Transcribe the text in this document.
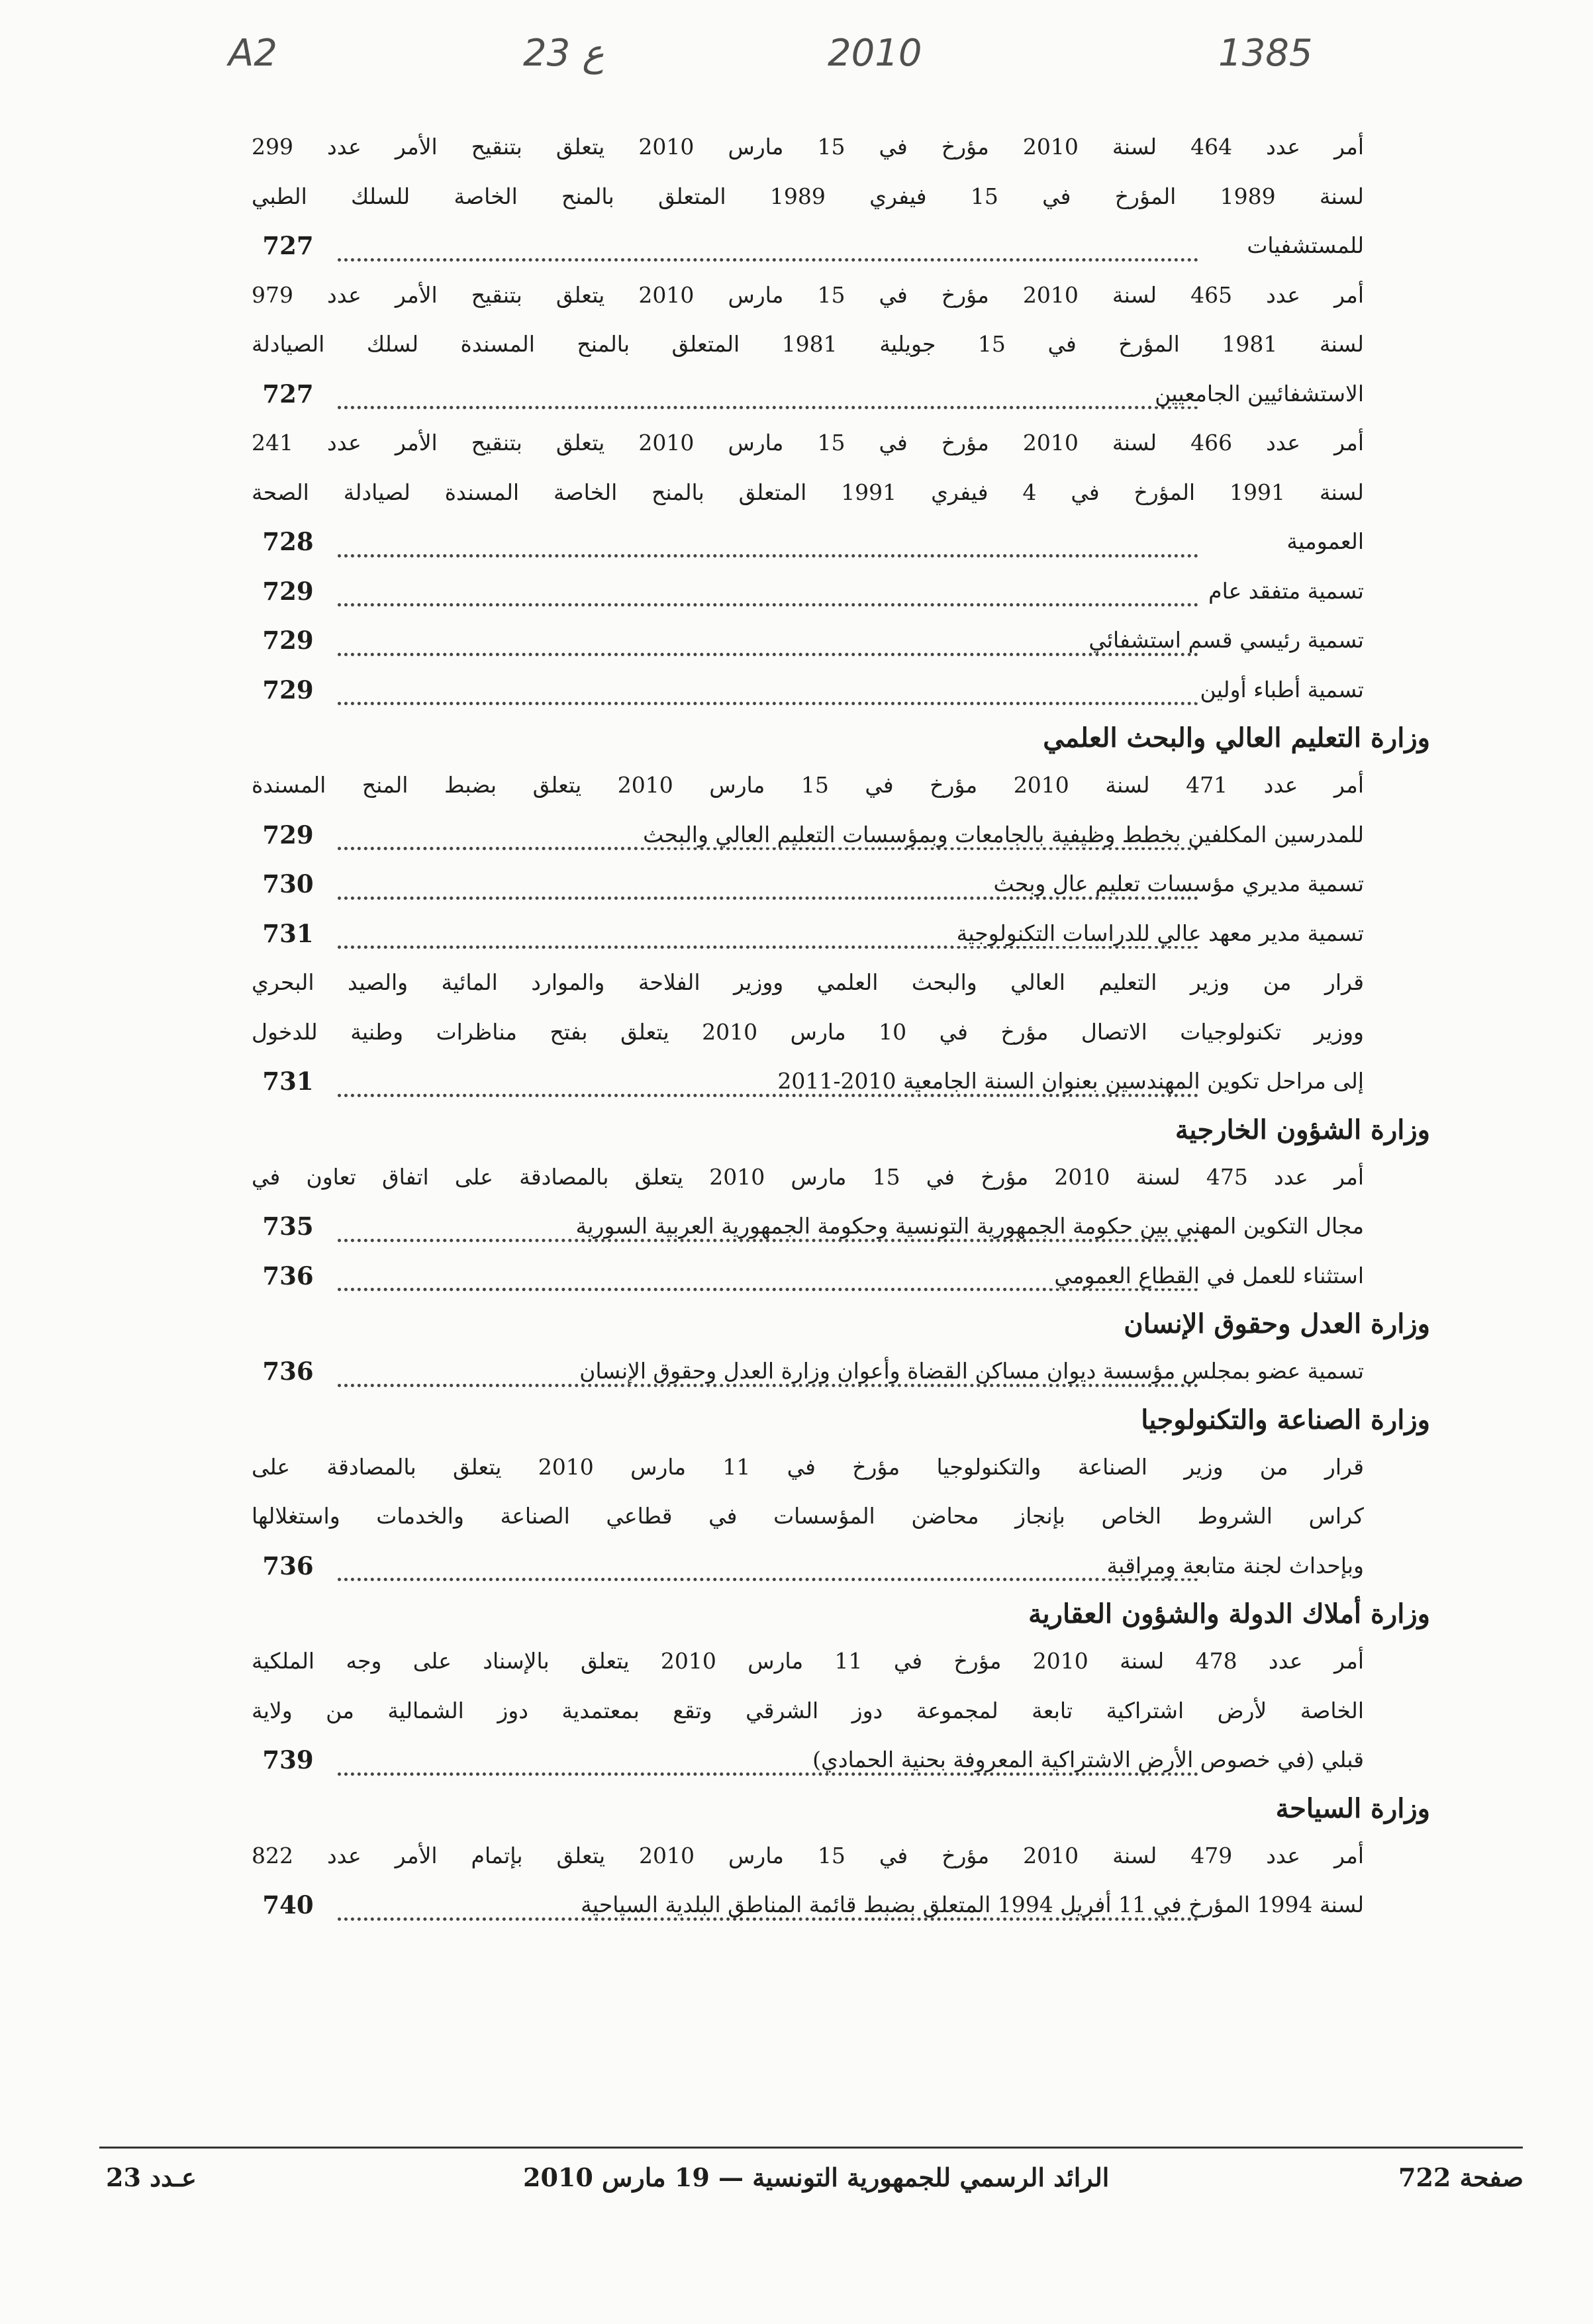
A2	23 ع	2010	1385
أمر عدد 464 لسنة 2010 مؤرخ في 15 مارس 2010 يتعلق بتنقيح الأمر عدد 299
لسنة 1989 المؤرخ في 15 فيفري 1989 المتعلق بالمنح الخاصة للسلك الطبي
للمستشفيات
727
أمر عدد 465 لسنة 2010 مؤرخ في 15 مارس 2010 يتعلق بتنقيح الأمر عدد 979
لسنة 1981 المؤرخ في 15 جويلية 1981 المتعلق بالمنح المسندة لسلك الصيادلة
الاستشفائيين الجامعيين
727
أمر عدد 466 لسنة 2010 مؤرخ في 15 مارس 2010 يتعلق بتنقيح الأمر عدد 241
لسنة 1991 المؤرخ في 4 فيفري 1991 المتعلق بالمنح الخاصة المسندة لصيادلة الصحة
العمومية
728
تسمية متفقد عام
729
تسمية رئيسي قسم استشفائي
729
تسمية أطباء أولين
729
وزارة التعليم العالي والبحث العلمي
أمر عدد 471 لسنة 2010 مؤرخ في 15 مارس 2010 يتعلق بضبط المنح المسندة
للمدرسين المكلفين بخطط وظيفية بالجامعات وبمؤسسات التعليم العالي والبحث
729
تسمية مديري مؤسسات تعليم عال وبحث
730
تسمية مدير معهد عالي للدراسات التكنولوجية
731
قرار من وزير التعليم العالي والبحث العلمي ووزير الفلاحة والموارد المائية والصيد البحري
ووزير تكنولوجيات الاتصال مؤرخ في 10 مارس 2010 يتعلق بفتح مناظرات وطنية للدخول
إلى مراحل تكوين المهندسين بعنوان السنة الجامعية 2010-2011
731
وزارة الشؤون الخارجية
أمر عدد 475 لسنة 2010 مؤرخ في 15 مارس 2010 يتعلق بالمصادقة على اتفاق تعاون في
مجال التكوين المهني بين حكومة الجمهورية التونسية وحكومة الجمهورية العربية السورية
735
استثناء للعمل في القطاع العمومي
736
وزارة العدل وحقوق الإنسان
تسمية عضو بمجلس مؤسسة ديوان مساكن القضاة وأعوان وزارة العدل وحقوق الإنسان
736
وزارة الصناعة والتكنولوجيا
قرار من وزير الصناعة والتكنولوجيا مؤرخ في 11 مارس 2010 يتعلق بالمصادقة على
كراس الشروط الخاص بإنجاز محاضن المؤسسات في قطاعي الصناعة والخدمات واستغلالها
وبإحداث لجنة متابعة ومراقبة
736
وزارة أملاك الدولة والشؤون العقارية
أمر عدد 478 لسنة 2010 مؤرخ في 11 مارس 2010 يتعلق بالإسناد على وجه الملكية
الخاصة لأرض اشتراكية تابعة لمجموعة دوز الشرقي وتقع بمعتمدية دوز الشمالية من ولاية
قبلي (في خصوص الأرض الاشتراكية المعروفة بحنية الحمادي)
739
وزارة السياحة
أمر عدد 479 لسنة 2010 مؤرخ في 15 مارس 2010 يتعلق بإتمام الأمر عدد 822
لسنة 1994 المؤرخ في 11 أفريل 1994 المتعلق بضبط قائمة المناطق البلدية السياحية
740
صفحة 722
الرائد الرسمي للجمهورية التونسية — 19 مارس 2010
عـدد 23
